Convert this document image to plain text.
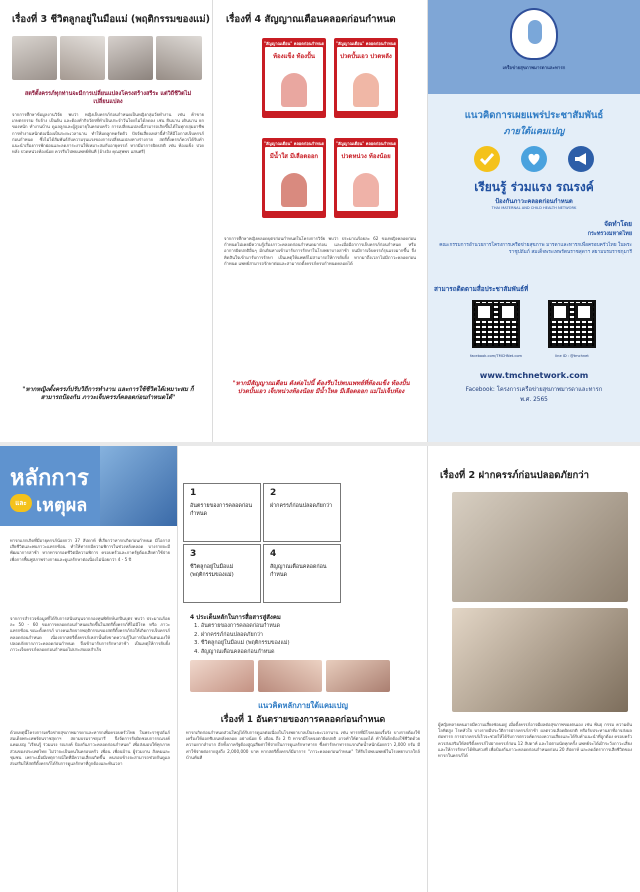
เรื่องที่ 3 ชีวิตลูกอยู่ในมือแม่ (พฤติกรรมของแม่)
สตรีตั้งครรภ์ทุกท่านจะมีการเปลี่ยนแปลงโครงสร้างสรีระ แต่วิถีชีวิตไม่เปลี่ยนแปลง
จากการศึกษาข้อมูลงานวิจัย พบว่า หญิงเจ็บครรภ์ก่อนกำหนดเป็นหญิงกลุ่มวัยทำงาน เช่น ค้าขาย เกษตรกรรม รับจ้าง เป็นต้น และต้องทำกิจวัตรที่ทำเป็นประจำวันโดยไม่ได้ลดลง เช่น ยืนนาน เดินนาน ยกของหนัก ทำงานบ้าน ดูแลลูกและผู้สูงอายุในครอบครัว การเปลี่ยนแปลงนี้สามารถเกิดขึ้นได้ในทุกกลุ่มอาชีพ การทำงานหนักต่อเนื่องเป็นระยะเวลานาน ทำให้มดลูกหดรัดตัว ปัจจัยเสี่ยงเหล่านี้ทำให้มีโอกาสเจ็บครรภ์ก่อนกำหนด ซึ่งไม่ได้สัมพันธ์กับความรุนแรงของการเปลี่ยนแปลงทางร่างกาย สตรีตั้งครรภ์ควรได้รับคำแนะนำเรื่องการพักผ่อนและลดภาระงานให้เหมาะสมกับอายุครรภ์ หากมีอาการผิดปกติ เช่น ท้องแข็ง ปวดหลัง ปวดหน่วงท้องน้อย ควรรีบไปพบแพทย์ทันที (อ้างอิง คุณสุพพร แสนศรี)
"หากหญิงตั้งครรภ์ปรับวิถีการทำงาน และการใช้ชีวิตได้เหมาะสม ก็สามารถป้องกัน ภาวะเจ็บครรภ์คลอดก่อนกำหนดได้"
เรื่องที่ 4 สัญญาณเตือนคลอดก่อนกำหนด
"สัญญาณเตือน" คลอดก่อนกำหนด
ท้องแข็ง ท้องปั้น
"สัญญาณเตือน" คลอดก่อนกำหนด
ปวดบั้นเอว ปวดหลัง
"สัญญาณเตือน" คลอดก่อนกำหนด
มีน้ำใส มีเลือดออก
"สัญญาณเตือน" คลอดก่อนกำหนด
ปวดหน่วง ท้องน้อย
จากการศึกษาหญิงคลอดบุตรก่อนกำหนดในโครงการวิจัย พบว่า ประมาณร้อยละ 62 ของหญิงคลอดก่อนกำหนดไม่เคยมีความรู้เรื่องภาวะคลอดก่อนกำหนดมาก่อน และเมื่อมีอาการเจ็บครรภ์ก่อนกำหนด หรือ อาการผิดปกติอื่นๆ มักเดินทางเข้ามารับการรักษาในโรงพยาบาลล่าช้า จนมีการเจ็บครรภ์รุนแรงมากขึ้น จึงคิดสินใจเข้ามารับการรักษา เป็นเหตุให้แพทย์ไม่สามารถให้การยับยั้ง หากมาถึงเวลาไม่มีภาวะคลอดก่อนกำหนด แพทย์สามารถรักษาต่อและสามารถตั้งครรภ์ครบกำหนดคลอดได้
"หากมีสัญญาณเตือน ดังต่อไปนี้ ต้องรีบไปพบแพทย์ที่ท้องแข็ง ท้องปั้น ปวดบั้นเอว เจ็บหน่วงท้องน้อย มีน้ำใหล มีเลือดออก แม่ไม่เจ็บท้อง
เครือข่ายสุขภาพมารดาและทารก
แนวคิดการเผยแพร่ประชาสัมพันธ์
ภายใต้แคมเปญ
เรียนรู้ ร่วมแรง รณรงค์
ป้องกันภาวะคลอดก่อนกำหนด
THAI MATERNAL AND CHILD HEALTH NETWORK
จัดทำโดย
กระทรวงมหาดไทย
คณะกรรมการอำนวยการโครงการเครือข่ายสุขภาพ มารดาและทารกเพื่อครอบครัวไทย ในพระราชูปถัมภ์ สมเด็จพระเทพรัตนราชสุดาฯ สยามบรมราชกุมารี
สามารถติดตามสื่อประชาสัมพันธ์ที่
facebook.com/TMCHNet.com	line ID : @tmchnet
www.tmchnetwork.com
Facebook: โครงการเครือข่ายสุขภาพมารดาและทารก
พ.ศ. 2565
หลักการ
และ เหตุผล
ทารกแรกเกิดที่มีอายุครรภ์น้อยกว่า 37 สัปดาห์ ที่เรียกว่าทารกเกิดก่อนกำหนด มีโอกาสเสียชีวิตและพบภาวะแทรกซ้อน ทำให้ทารกมีความพิการในช่วงหลังคลอด บางรายจะมีพัฒนาการล่าช้า หากทารกรอดชีวิตมีความพิการ ครอบครัวและภาครัฐต้องเสียค่าใช้จ่ายเพื่อการฟื้นฟูสภาพร่างกายและดูแลรักษาต่อเนื่องไม่น้อยกว่า 4 - 5 ปี
จากการสำรวจข้อมูลที่ได้รับการสนับสนุนจากกองทุนพิทักษ์นกปืนบุตร พบว่า ประมาณร้อยละ 50 - 60 ของการคลอดก่อนกำหนดเกิดขึ้นในสตรีตั้งครรภ์ที่ไม่มีโรค หรือ ภาวะแทรกซ้อน ขณะตั้งครรภ์ บางคนเกิดจากพฤติกรรมของสตรีตั้งครรภ์ก่อให้เกิดการเจ็บครรภ์คลอดก่อนกำหนด เนื่องจากสตรีตั้งครรภ์เหล่านั้นยังขาดความรู้ในการป้องกันตนเองให้ปลอดภัยจากภาวะคลอดก่อนกำหนด จึงเข้ามารับการรักษาล่าช้า เป็นเหตุให้การยับยั้งภาวะเจ็บครรภ์คลอดก่อนกำหนดไม่ประสบผลสำเร็จ
ด้วยเหตุนี้โครงการเครือข่ายสุขภาพมารดาและทารกเพื่อครอบครัวไทย ในพระราชูปถัมภ์ สมเด็จพระเทพรัตนราชสุดาฯ สยามบรมราชกุมารี จึงจัดการรับผิดชอบการรณรงค์แคมเปญ "เรียนรู้ ร่วมแรง รณรงค์ ป้องกันภาวะคลอดก่อนกำหนด" เพื่อส่งมอบให้ทุกภาคส่วนของประเทศไทย ไม่ว่าจะเป็นคนในครอบครัว เพื่อน เพื่อนบ้าน ผู้ร่วมงาน สังคมและชุมชน เพราะเมื่อมีเหตุการณ์ใดที่มีความเสี่ยงเกิดขึ้น คนรอบข้างจะสามารถช่วยกันดูแล ส่งเสริมให้สตรีตั้งครรภ์ได้รับการดูแลรักษาที่ถูกต้องและทันเวลา
1
อันตรายของการคลอดก่อนกำหนด
2
ฝากครรภ์ก่อนปลอดภัยกว่า
3
ชีวิตลูกอยู่ในมือแม่ (พฤติกรรมของแม่)
4
สัญญาณเตือนคลอดก่อนกำหนด
4 ประเด็นหลักในการสื่อสารสู่สังคม
1. อันตรายของการคลอดก่อนกำหนด
2. ฝากครรภ์ก่อนปลอดภัยกว่า
3. ชีวิตลูกอยู่ในมือแม่ (พฤติกรรมของแม่)
4. สัญญาณเตือนคลอดก่อนกำหนด
แนวคิดหลักภายใต้แคมเปญ
เรื่องที่ 1 อันตรายของการคลอดก่อนกำหนด
ทารกเกิดก่อนกำหนดส่วนใหญ่ได้รับการดูแลต่อเนื่องในโรงพยาบาลเป็นระยะเวลานาน เช่น ทารกที่มีโรคปอดเรื้อรัง บางรายต้องใช้เครื่องให้ออกซิเจนหลังคลอด อย่างน้อย 6 เดือน ถึง 2 ปี ทารกมีโรคจอตาผิดปกติ อาจทำให้ตาบอดได้ ทำให้เด็กต้องใช้ชีวิตด้วยความยากลำบาก อีกทั้งภาครัฐต้องสูญเสียค่าใช้จ่ายในการดูแลรักษาทารก ซึ่งค่ารักษาทารกแรกเกิดน้ำหนักน้อยกว่า 2,000 กรัม มีค่าใช้จ่ายต่อรายสูงถึง 2,000,000 บาท หากสตรีตั้งครรภ์มีอาการ "ภาวะคลอดก่อนกำหนด" ให้รีบไปพบแพทย์ในโรงพยาบาลใกล้บ้านทันที
เรื่องที่ 2 ฝากครรภ์ก่อนปลอดภัยกว่า
ผู้หญิงหลายคนอาจมีความเสี่ยงซ่อนอยู่ เมื่อตั้งครรภ์อาจมีผลต่อสุขภาพของตนเอง เช่น พันธุ กรรม ความดันโลหิตสูง โรคหัวใจ บางรายมีประวัติการฝากครรภ์ล่าช้า ผลตรวจเลือดผิดปกติ หรือรับประทานยาที่อาจส่งผลต่อทารก การฝากครรภ์เร็วจะช่วยให้ได้รับการตรวจคัดกรองความเสี่ยงและได้รับคำแนะนำที่ถูกต้อง ครอบครัวควรส่งเสริมให้สตรีตั้งครรภ์ไปฝากครรภ์ก่อน 12 สัปดาห์ และไปตามนัดทุกครั้ง แพทย์จะได้เฝ้าระวังภาวะเสี่ยง และให้การรักษาได้ทันท่วงที เพื่อป้องกันภาวะคลอดก่อนกำหนดก่อน 20 สัปดาห์ และลดอัตราการเสียชีวิตของทารกในครรภ์ได้
